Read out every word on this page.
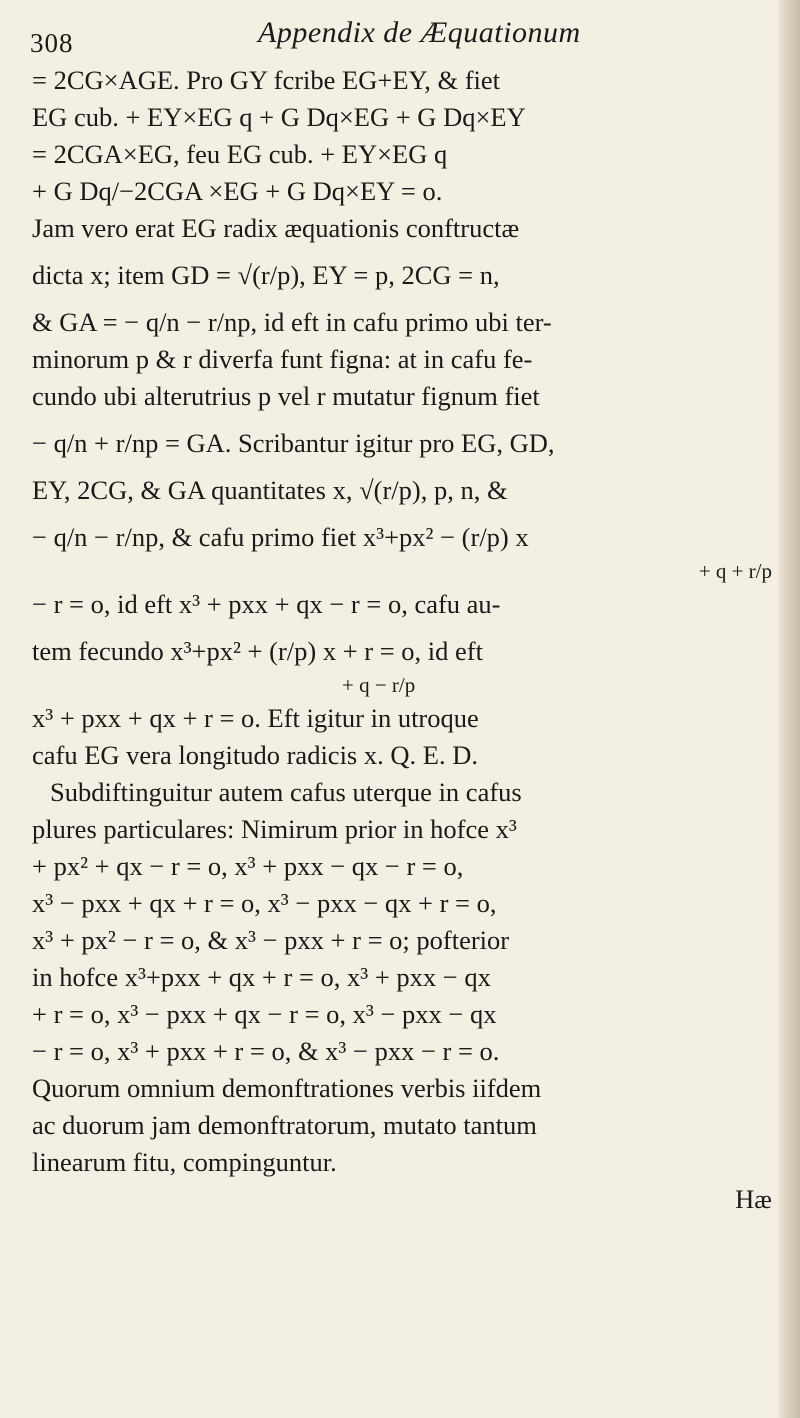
308	Appendix de Æquationum
= 2CG×AGE. Pro GY fcribe EG+EY, & fiet
EG cub. + EY×EG q + G Dq×EG + G Dq×EY
= 2CGA×EG, feu EG cub. + EY×EG q
+ G Dq/−2CGA ×EG + G Dq×EY = o.
Jam vero erat EG radix æquationis conftructæ
dicta x; item GD = √(r/p), EY = p, 2CG = n,
& GA = − q/n − r/np, id eft in cafu primo ubi ter-
minorum p & r diverfa funt figna: at in cafu fe-
cundo ubi alterutrius p vel r mutatur fignum fiet
− q/n + r/np = GA. Scribantur igitur pro EG, GD,
EY, 2CG, & GA quantitates x, √(r/p), p, n, &
− q/n − r/np, & cafu primo fiet x³+px² − (r/p) x
+ q + r/p
− r = o, id eft x³ + pxx + qx − r = o, cafu au-
tem fecundo x³+px² + (r/p) x + r = o, id eft
+ q − r/p
x³ + pxx + qx + r = o. Eft igitur in utroque
cafu EG vera longitudo radicis x. Q. E. D.
Subdiftinguitur autem cafus uterque in cafus
plures particulares: Nimirum prior in hofce x³
+ px² + qx − r = o, x³ + pxx − qx − r = o,
x³ − pxx + qx + r = o, x³ − pxx − qx + r = o,
x³ + px² − r = o, & x³ − pxx + r = o; pofterior
in hofce x³+pxx + qx + r = o, x³ + pxx − qx
+ r = o, x³ − pxx + qx − r = o, x³ − pxx − qx
− r = o, x³ + pxx + r = o, & x³ − pxx − r = o.
Quorum omnium demonftrationes verbis iifdem
ac duorum jam demonftratorum, mutato tantum
linearum fitu, compinguntur.
Hæ
